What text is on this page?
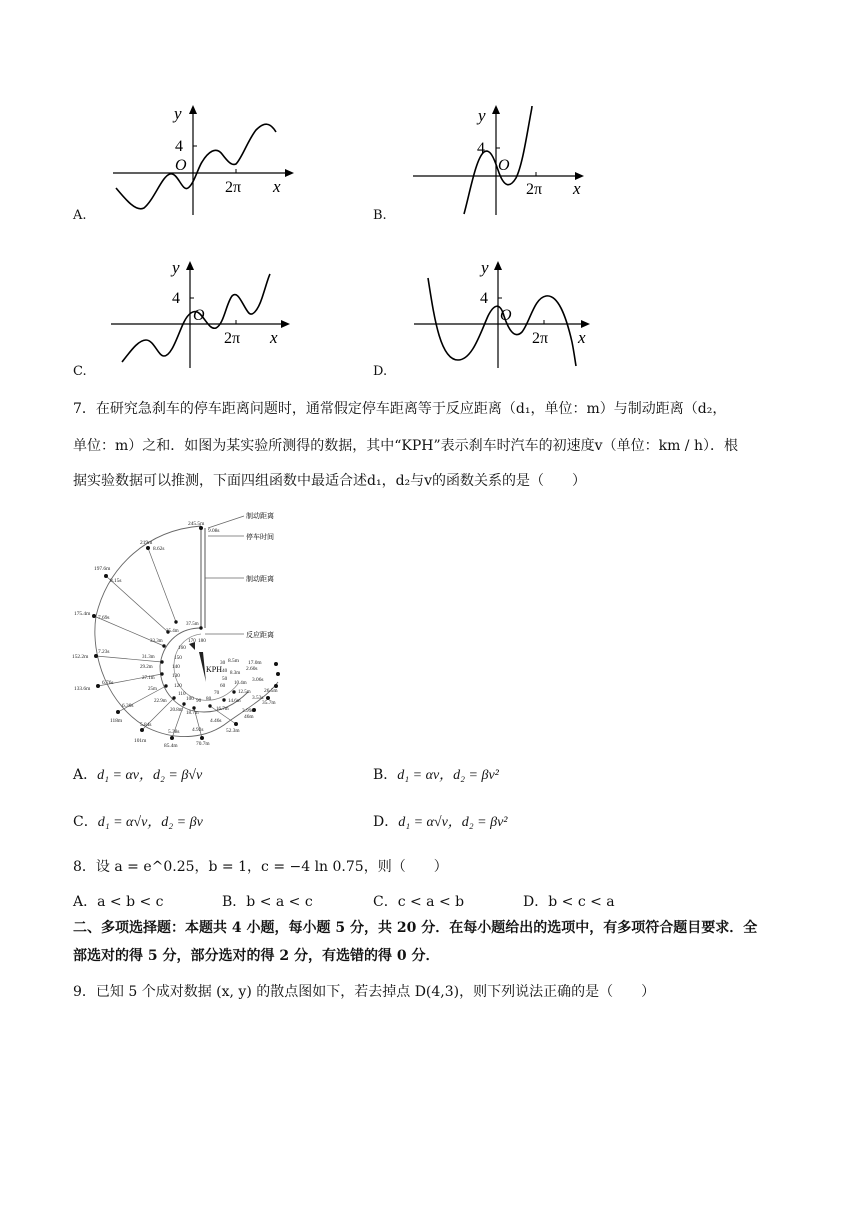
A.
y
4
O
2π x
B.
y
4
O
2π x
C.
y
4
O
2π x
D.
y
4
O
2π x
7．在研究急刹车的停车距离问题时，通常假定停车距离等于反应距离（d₁，单位：m）与制动距离（d₂，
单位：m）之和．如图为某实验所测得的数据，其中“KPH”表示刹车时汽车的初速度v（单位：km / h）．根
据实验数据可以推测，下面四组函数中最适合述d₁，d₂与v的函数关系的是（　　）
KPH
制动距离
停车时间
制动距离
反应距离
245.5m
219m
197.6m
175.4m
152.2m
133.6m
118m
101m
85.4m	70.7m
52.3m
46m
35.7m
26.5m
17.0m
8.5m
9.08s
8.62s
8.15s
7.69s
7.23s
6.76s
6.30s
5.84s
5.38s 4.92s
4.46s
3.99s
3.53s
3.06s
2.60s
37.5m
35.4m
33.3m
31.3m
29.2m
27.1m
25m
22.9m
20.8m
18.7m
16.7m
14.6m
12.5m
10.4m
8.3m
180
170
160
150
140
130
120
110
100 90 80
70
60
50
40
30
A．d₁ = αv，d₂ = β√v	B．d₁ = αv，d₂ = βv²
C．d₁ = α√v，d₂ = βv	D．d₁ = α√v，d₂ = βv²
8．设 a = e^0.25，b = 1，c = −4 ln 0.75，则（　　）
A．a < b < c	B．b < a < c	C．c < a < b	D．b < c < a
二、多项选择题：本题共 4 小题，每小题 5 分，共 20 分．在每小题给出的选项中，有多项符合题目要求．全
部选对的得 5 分，部分选对的得 2 分，有选错的得 0 分．
9．已知 5 个成对数据 (x, y) 的散点图如下，若去掉点 D(4,3)，则下列说法正确的是（　　）
